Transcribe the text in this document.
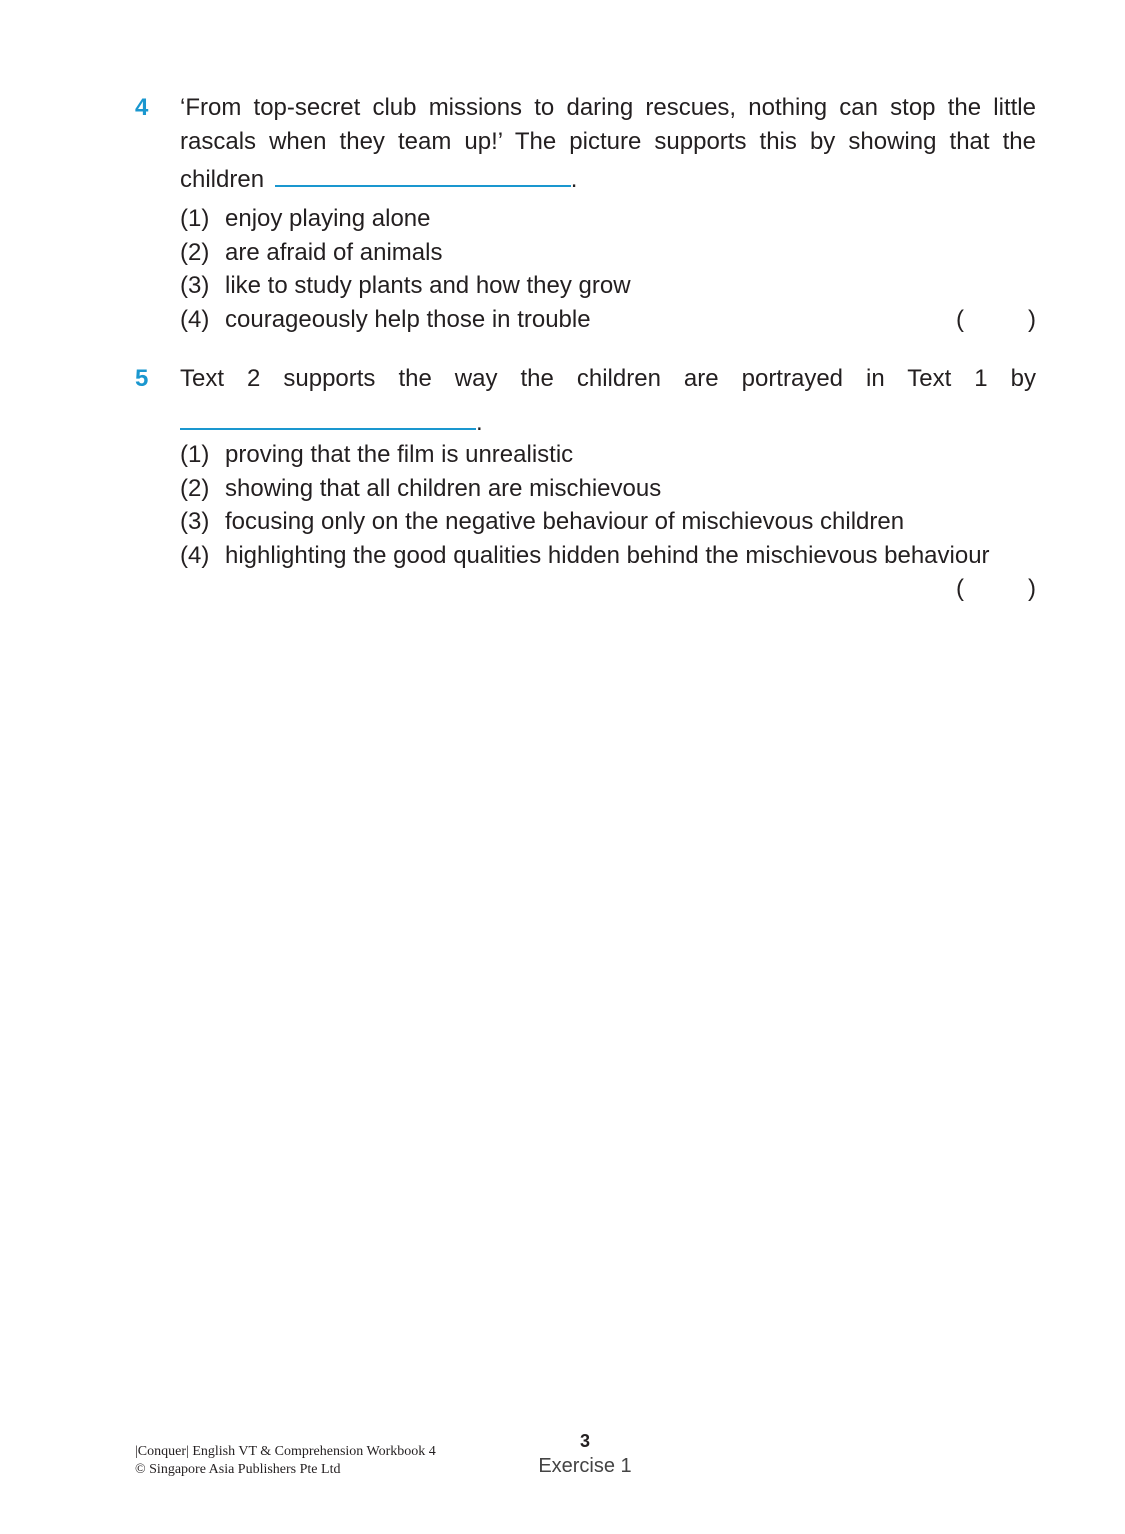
4 ‘From top-secret club missions to daring rescues, nothing can stop the little rascals when they team up!’ The picture supports this by showing that the children	.
(1) enjoy playing alone
(2) are afraid of animals
(3) like to study plants and how they grow
(4) courageously help those in trouble	(	)
5 Text 2 supports the way the children are portrayed in Text 1 by
.
(1) proving that the film is unrealistic
(2) showing that all children are mischievous
(3) focusing only on the negative behaviour of mischievous children
(4) highlighting the good qualities hidden behind the mischievous behaviour
(	)
|Conquer| English VT & Comprehension Workbook 4
© Singapore Asia Publishers Pte Ltd
3
Exercise 1
